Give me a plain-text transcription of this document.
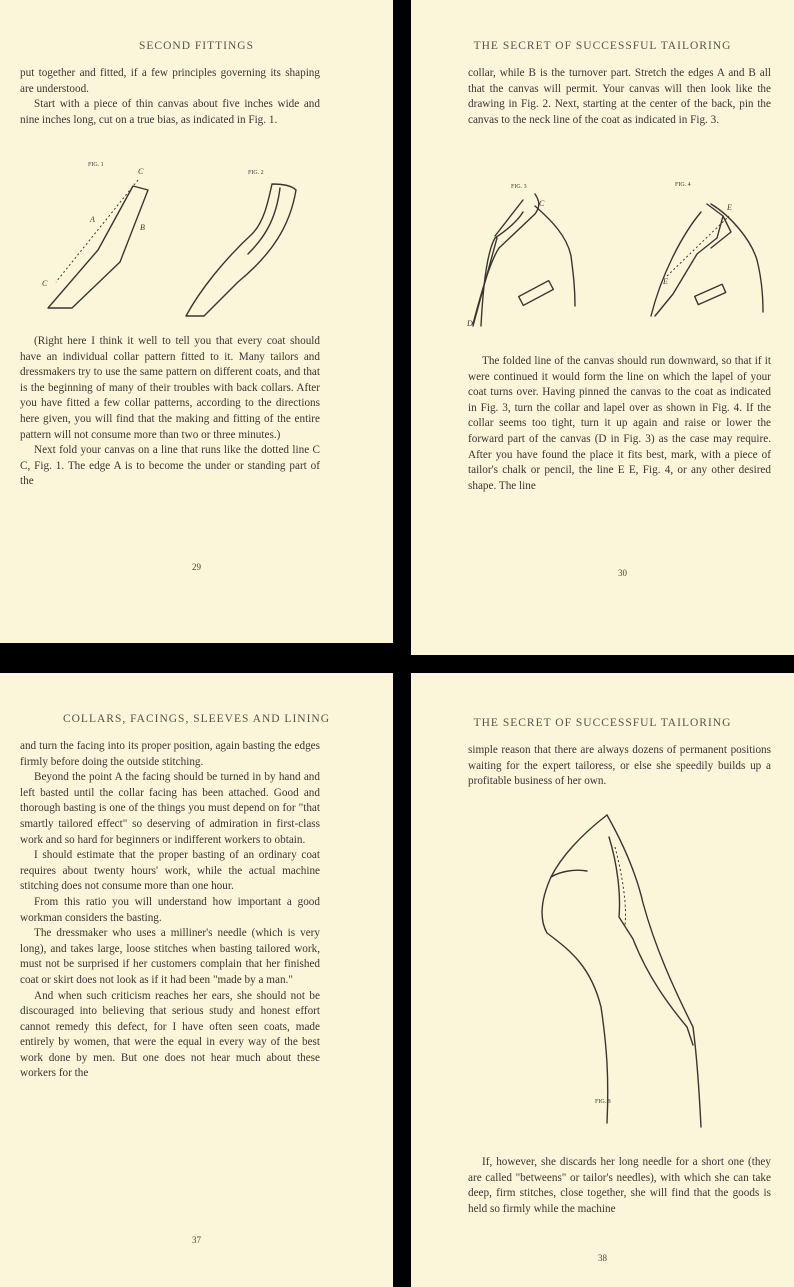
SECOND FITTINGS

put together and fitted, if a few principles governing its shaping are understood.

Start with a piece of thin canvas about five inches wide and nine inches long, cut on a true bias, as indicated in Fig. 1.

FIG. 1
FIG. 2
C
A
B
C

(Right here I think it well to tell you that every coat should have an individual collar pattern fitted to it. Many tailors and dressmakers try to use the same pattern on different coats, and that is the beginning of many of their troubles with back collars. After you have fitted a few collar patterns, according to the directions here given, you will find that the making and fitting of the entire pattern will not consume more than two or three minutes.)

Next fold your canvas on a line that runs like the dotted line C C, Fig. 1. The edge A is to become the under or standing part of the

29
THE SECRET OF SUCCESSFUL TAILORING

collar, while B is the turnover part. Stretch the edges A and B all that the canvas will permit. Your canvas will then look like the drawing in Fig. 2. Next, starting at the center of the back, pin the canvas to the neck line of the coat as indicated in Fig. 3.

FIG. 3	FIG. 4
C
D
E
E

The folded line of the canvas should run downward, so that if it were continued it would form the line on which the lapel of your coat turns over. Having pinned the canvas to the coat as indicated in Fig. 3, turn the collar and lapel over as shown in Fig. 4. If the collar seems too tight, turn it up again and raise or lower the forward part of the canvas (D in Fig. 3) as the case may require. After you have found the place it fits best, mark, with a piece of tailor's chalk or pencil, the line E E, Fig. 4, or any other desired shape. The line

30
COLLARS, FACINGS, SLEEVES AND LINING

and turn the facing into its proper position, again basting the edges firmly before doing the outside stitching.

Beyond the point A the facing should be turned in by hand and left basted until the collar facing has been attached. Good and thorough basting is one of the things you must depend on for "that smartly tailored effect" so deserving of admiration in first-class work and so hard for beginners or indifferent workers to obtain.

I should estimate that the proper basting of an ordinary coat requires about twenty hours' work, while the actual machine stitching does not consume more than one hour.

From this ratio you will understand how important a good workman considers the basting.

The dressmaker who uses a milliner's needle (which is very long), and takes large, loose stitches when basting tailored work, must not be surprised if her customers complain that her finished coat or skirt does not look as if it had been "made by a man."

And when such criticism reaches her ears, she should not be discouraged into believing that serious study and honest effort cannot remedy this defect, for I have often seen coats, made entirely by women, that were the equal in every way of the best work done by men. But one does not hear much about these workers for the

37
THE SECRET OF SUCCESSFUL TAILORING

simple reason that there are always dozens of permanent positions waiting for the expert tailoress, or else she speedily builds up a profitable business of her own.

FIG. 8

If, however, she discards her long needle for a short one (they are called "betweens" or tailor's needles), with which she can take deep, firm stitches, close together, she will find that the goods is held so firmly while the machine

38
